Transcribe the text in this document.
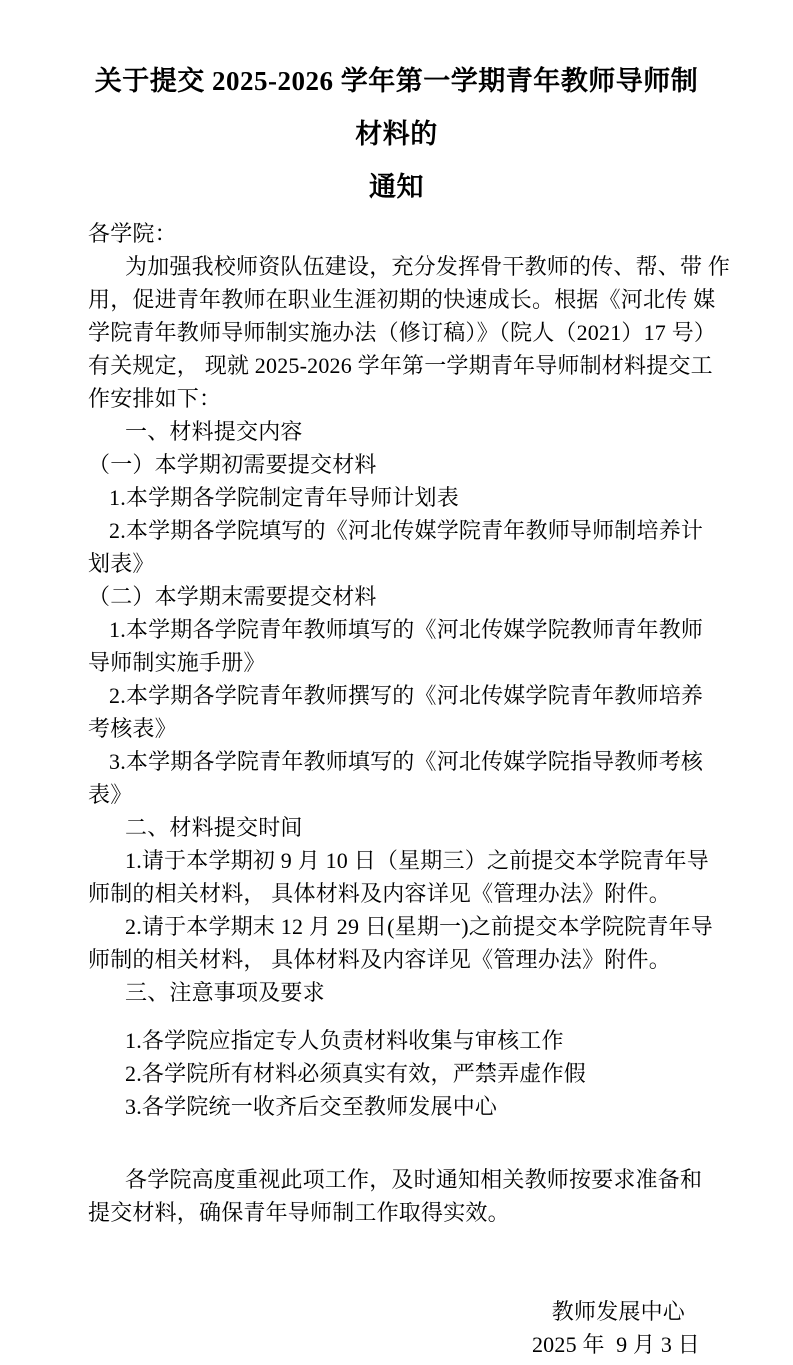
关于提交 2025-2026 学年第一学期青年教师导师制材料的
通知
各学院：
为加强我校师资队伍建设，充分发挥骨干教师的传、帮、带 作
用，促进青年教师在职业生涯初期的快速成长。根据《河北传 媒
学院青年教师导师制实施办法（修订稿）》（院人（2021）17 号）
有关规定， 现就 2025-2026 学年第一学期青年导师制材料提交工
作安排如下：
一、材料提交内容
（一）本学期初需要提交材料
1.本学期各学院制定青年导师计划表
2.本学期各学院填写的《河北传媒学院青年教师导师制培养计
划表》
（二）本学期末需要提交材料
1.本学期各学院青年教师填写的《河北传媒学院教师青年教师
导师制实施手册》
2.本学期各学院青年教师撰写的《河北传媒学院青年教师培养
考核表》
3.本学期各学院青年教师填写的《河北传媒学院指导教师考核
表》
二、材料提交时间
1.请于本学期初 9 月 10 日（星期三）之前提交本学院青年导
师制的相关材料， 具体材料及内容详见《管理办法》附件。
2.请于本学期末 12 月 29 日(星期一)之前提交本学院院青年导
师制的相关材料， 具体材料及内容详见《管理办法》附件。
三、注意事项及要求
1.各学院应指定专人负责材料收集与审核工作
2.各学院所有材料必须真实有效，严禁弄虚作假
3.各学院统一收齐后交至教师发展中心
各学院高度重视此项工作，及时通知相关教师按要求准备和
提交材料，确保青年导师制工作取得实效。
教师发展中心
2025 年  9 月 3 日
